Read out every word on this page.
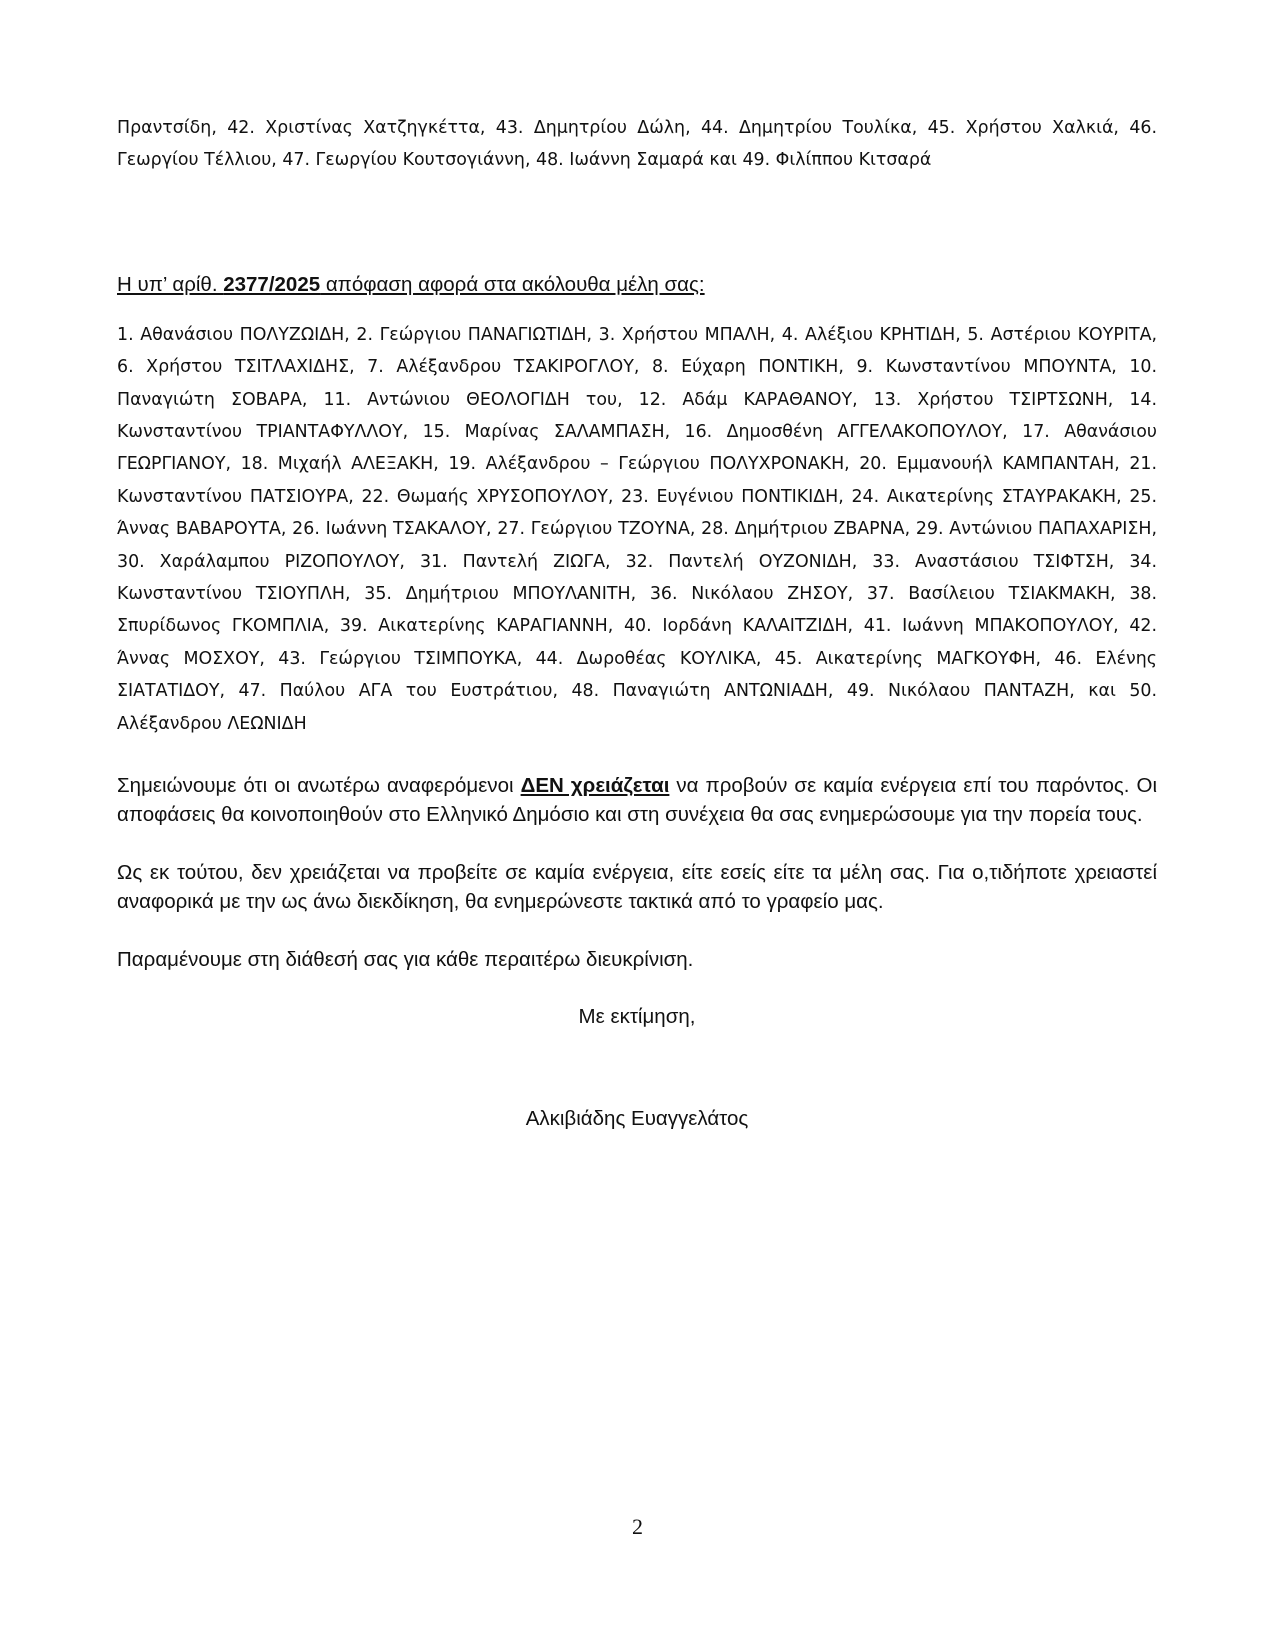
Πραντσίδη, 42. Χριστίνας Χατζηγκέττα, 43. Δημητρίου Δώλη, 44. Δημητρίου Τουλίκα, 45. Χρήστου Χαλκιά, 46. Γεωργίου Τέλλιου, 47. Γεωργίου Κουτσογιάννη, 48. Ιωάννη Σαμαρά και 49. Φιλίππου Κιτσαρά

Η υπ’ αρίθ. 2377/2025 απόφαση αφορά στα ακόλουθα μέλη σας:

1. Αθανάσιου ΠΟΛΥΖΩΙΔΗ, 2. Γεώργιου ΠΑΝΑΓΙΩΤΙΔΗ, 3. Χρήστου ΜΠΑΛΗ, 4. Αλέξιου ΚΡΗΤΙΔΗ, 5. Αστέριου ΚΟΥΡΙΤΑ, 6. Χρήστου ΤΣΙΤΛΑΧΙΔΗΣ, 7. Αλέξανδρου ΤΣΑΚΙΡΟΓΛΟΥ, 8. Εύχαρη ΠΟΝΤΙΚΗ, 9. Κωνσταντίνου ΜΠΟΥΝΤΑ, 10. Παναγιώτη ΣΟΒΑΡΑ, 11. Αντώνιου ΘΕΟΛΟΓΙΔΗ του, 12. Αδάμ ΚΑΡΑΘΑΝΟΥ, 13. Χρήστου ΤΣΙΡΤΣΩΝΗ, 14. Κωνσταντίνου ΤΡΙΑΝΤΑΦΥΛΛΟΥ, 15. Μαρίνας ΣΑΛΑΜΠΑΣΗ, 16. Δημοσθένη ΑΓΓΕΛΑΚΟΠΟΥΛΟΥ, 17. Αθανάσιου ΓΕΩΡΓΙΑΝΟΥ, 18. Μιχαήλ ΑΛΕΞΑΚΗ, 19. Αλέξανδρου – Γεώργιου ΠΟΛΥΧΡΟΝΑΚΗ, 20. Εμμανουήλ ΚΑΜΠΑΝΤΑΗ, 21. Κωνσταντίνου ΠΑΤΣΙΟΥΡΑ, 22. Θωμαής ΧΡΥΣΟΠΟΥΛΟΥ, 23. Ευγένιου ΠΟΝΤΙΚΙΔΗ, 24. Αικατερίνης ΣΤΑΥΡΑΚΑΚΗ, 25. Άννας ΒΑΒΑΡΟΥΤΑ, 26. Ιωάννη ΤΣΑΚΑΛΟΥ, 27. Γεώργιου ΤΖΟΥΝΑ, 28. Δημήτριου ΖΒΑΡΝΑ, 29. Αντώνιου ΠΑΠΑΧΑΡΙΣΗ, 30. Χαράλαμπου ΡΙΖΟΠΟΥΛΟΥ, 31. Παντελή ΖΙΩΓΑ, 32. Παντελή ΟΥΖΟΝΙΔΗ, 33. Αναστάσιου ΤΣΙΦΤΣΗ, 34. Κωνσταντίνου ΤΣΙΟΥΠΛΗ, 35. Δημήτριου ΜΠΟΥΛΑΝΙΤΗ, 36. Νικόλαου ΖΗΣΟΥ, 37. Βασίλειου ΤΣΙΑΚΜΑΚΗ, 38. Σπυρίδωνος ΓΚΟΜΠΛΙΑ, 39. Αικατερίνης ΚΑΡΑΓΙΑΝΝΗ, 40. Ιορδάνη ΚΑΛΑΙΤΖΙΔΗ, 41. Ιωάννη ΜΠΑΚΟΠΟΥΛΟΥ, 42. Άννας ΜΟΣΧΟΥ, 43. Γεώργιου ΤΣΙΜΠΟΥΚΑ, 44. Δωροθέας ΚΟΥΛΙΚΑ, 45. Αικατερίνης ΜΑΓΚΟΥΦΗ, 46. Ελένης ΣΙΑΤΑΤΙΔΟΥ, 47. Παύλου ΑΓΑ του Ευστράτιου, 48. Παναγιώτη ΑΝΤΩΝΙΑΔΗ, 49. Νικόλαου ΠΑΝΤΑΖΗ, και 50. Αλέξανδρου ΛΕΩΝΙΔΗ

Σημειώνουμε ότι οι ανωτέρω αναφερόμενοι ΔΕΝ χρειάζεται να προβούν σε καμία ενέργεια επί του παρόντος. Οι αποφάσεις θα κοινοποιηθούν στο Ελληνικό Δημόσιο και στη συνέχεια θα σας ενημερώσουμε για την πορεία τους.

Ως εκ τούτου, δεν χρειάζεται να προβείτε σε καμία ενέργεια, είτε εσείς είτε τα μέλη σας. Για ο,τιδήποτε χρειαστεί αναφορικά με την ως άνω διεκδίκηση, θα ενημερώνεστε τακτικά από το γραφείο μας.

Παραμένουμε στη διάθεσή σας για κάθε περαιτέρω διευκρίνιση.

Με εκτίμηση,

Αλκιβιάδης Ευαγγελάτος

2
